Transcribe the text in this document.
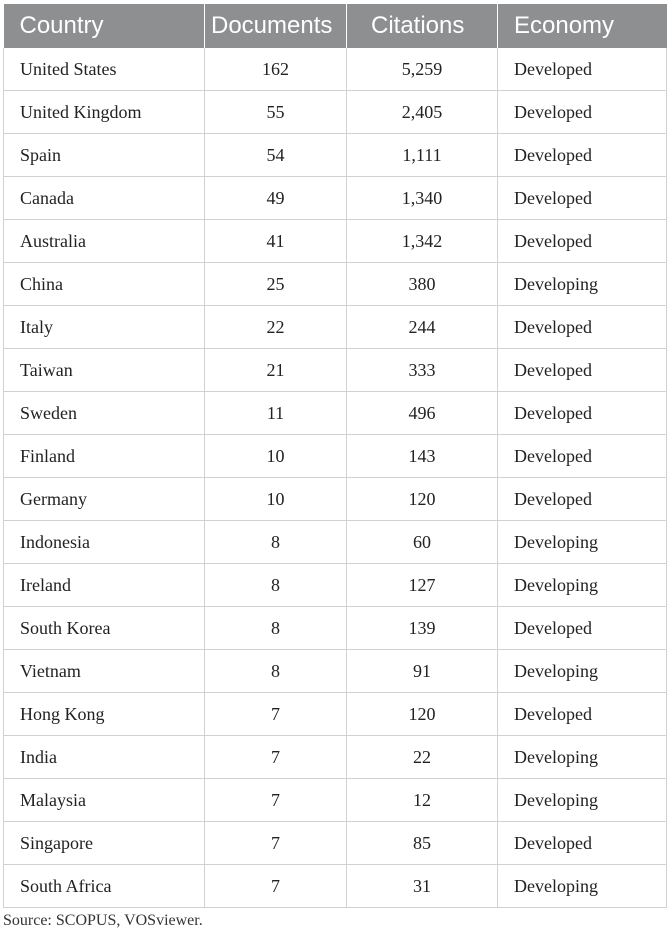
Country	Documents	Citations	Economy
United States	162	5,259	Developed
United Kingdom	55	2,405	Developed
Spain	54	1,111	Developed
Canada	49	1,340	Developed
Australia	41	1,342	Developed
China	25	380	Developing
Italy	22	244	Developed
Taiwan	21	333	Developed
Sweden	11	496	Developed
Finland	10	143	Developed
Germany	10	120	Developed
Indonesia	8	60	Developing
Ireland	8	127	Developing
South Korea	8	139	Developed
Vietnam	8	91	Developing
Hong Kong	7	120	Developed
India	7	22	Developing
Malaysia	7	12	Developing
Singapore	7	85	Developed
South Africa	7	31	Developing
Source: SCOPUS, VOSviewer.
